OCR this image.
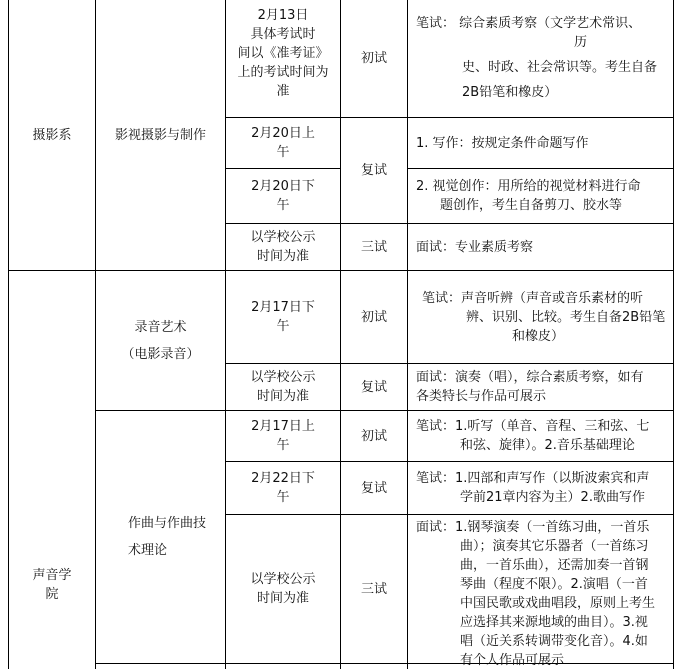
摄影系	影视摄影与制作
2月13日
具体考试时
间以《准考证》
上的考试时间为
准
初试
笔试： 综合素质考察（文学艺术常识、
历
史、时政、社会常识等。考生自备
2B铅笔和橡皮）
2月20日上
午
复试
1. 写作：按规定条件命题写作
2月20日下
午
2. 视觉创作：用所给的视觉材料进行命
题创作，考生自备剪刀、胶水等
以学校公示
时间为准
三试 面试：专业素质考察
声音学
院
录音艺术
（电影录音）
2月17日下
午
初试
笔试：声音听辨（声音或音乐素材的听
辨、识别、比较。考生自备2B铅笔
和橡皮）
以学校公示
时间为准
复试
面试：演奏（唱），综合素质考察，如有
各类特长与作品可展示
作曲与作曲技
术理论
2月17日上
午
初试
笔试：1.听写（单音、音程、三和弦、七
和弦、旋律）。2.音乐基础理论
2月22日下
午
复试
笔试：1.四部和声写作（以斯波索宾和声
学前21章内容为主）2.歌曲写作
以学校公示
时间为准
三试
面试：1.钢琴演奏（一首练习曲，一首乐
曲）；演奏其它乐器者（一首练习
曲，一首乐曲），还需加奏一首钢
琴曲（程度不限）。2.演唱（一首
中国民歌或戏曲唱段，原则上考生
应选择其来源地域的曲目）。3.视
唱（近关系转调带变化音）。4.如
有个人作品可展示
